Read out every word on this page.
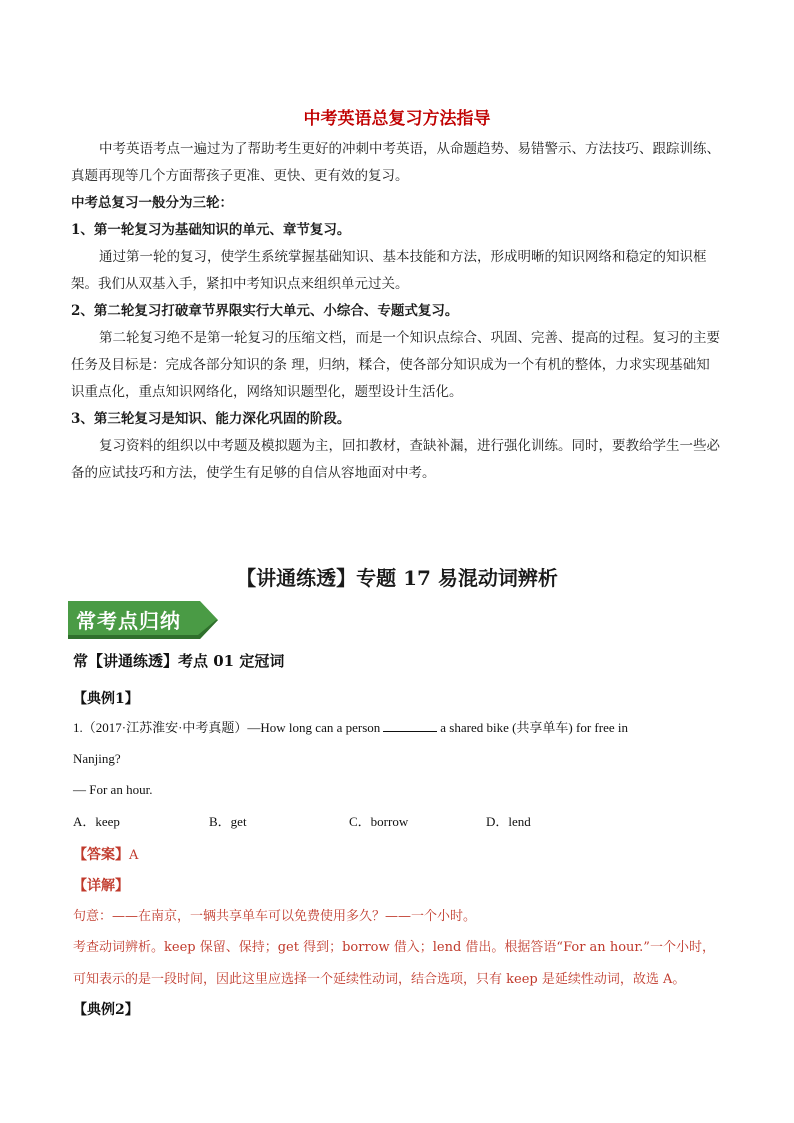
中考英语总复习方法指导
中考英语考点一遍过为了帮助考生更好的冲刺中考英语，从命题趋势、易错警示、方法技巧、跟踪训练、真题再现等几个方面帮孩子更准、更快、更有效的复习。
中考总复习一般分为三轮：
1、第一轮复习为基础知识的单元、章节复习。
通过第一轮的复习，使学生系统掌握基础知识、基本技能和方法，形成明晰的知识网络和稳定的知识框架。我们从双基入手，紧扣中考知识点来组织单元过关。
2、第二轮复习打破章节界限实行大单元、小综合、专题式复习。
第二轮复习绝不是第一轮复习的压缩文档，而是一个知识点综合、巩固、完善、提高的过程。复习的主要任务及目标是：完成各部分知识的条 理，归纳，糅合，使各部分知识成为一个有机的整体，力求实现基础知识重点化，重点知识网络化，网络知识题型化，题型设计生活化。
3、第三轮复习是知识、能力深化巩固的阶段。
复习资料的组织以中考题及模拟题为主，回扣教材，查缺补漏，进行强化训练。同时，要教给学生一些必备的应试技巧和方法，使学生有足够的自信从容地面对中考。
【讲通练透】专题 17 易混动词辨析
常考点归纳
常【讲通练透】考点 01 定冠词
【典例1】
1.（2017·江苏淮安·中考真题）—How long can a person	a shared bike (共享单车) for free in
Nanjing?
— For an hour.
A．keep	B．get	C．borrow	D．lend
【答案】A
【详解】
句意：——在南京，一辆共享单车可以免费使用多久？——一个小时。
考查动词辨析。keep 保留、保持；get 得到；borrow 借入；lend 借出。根据答语“For an hour.”一个小时，
可知表示的是一段时间，因此这里应选择一个延续性动词，结合选项，只有 keep 是延续性动词，故选 A。
【典例2】
